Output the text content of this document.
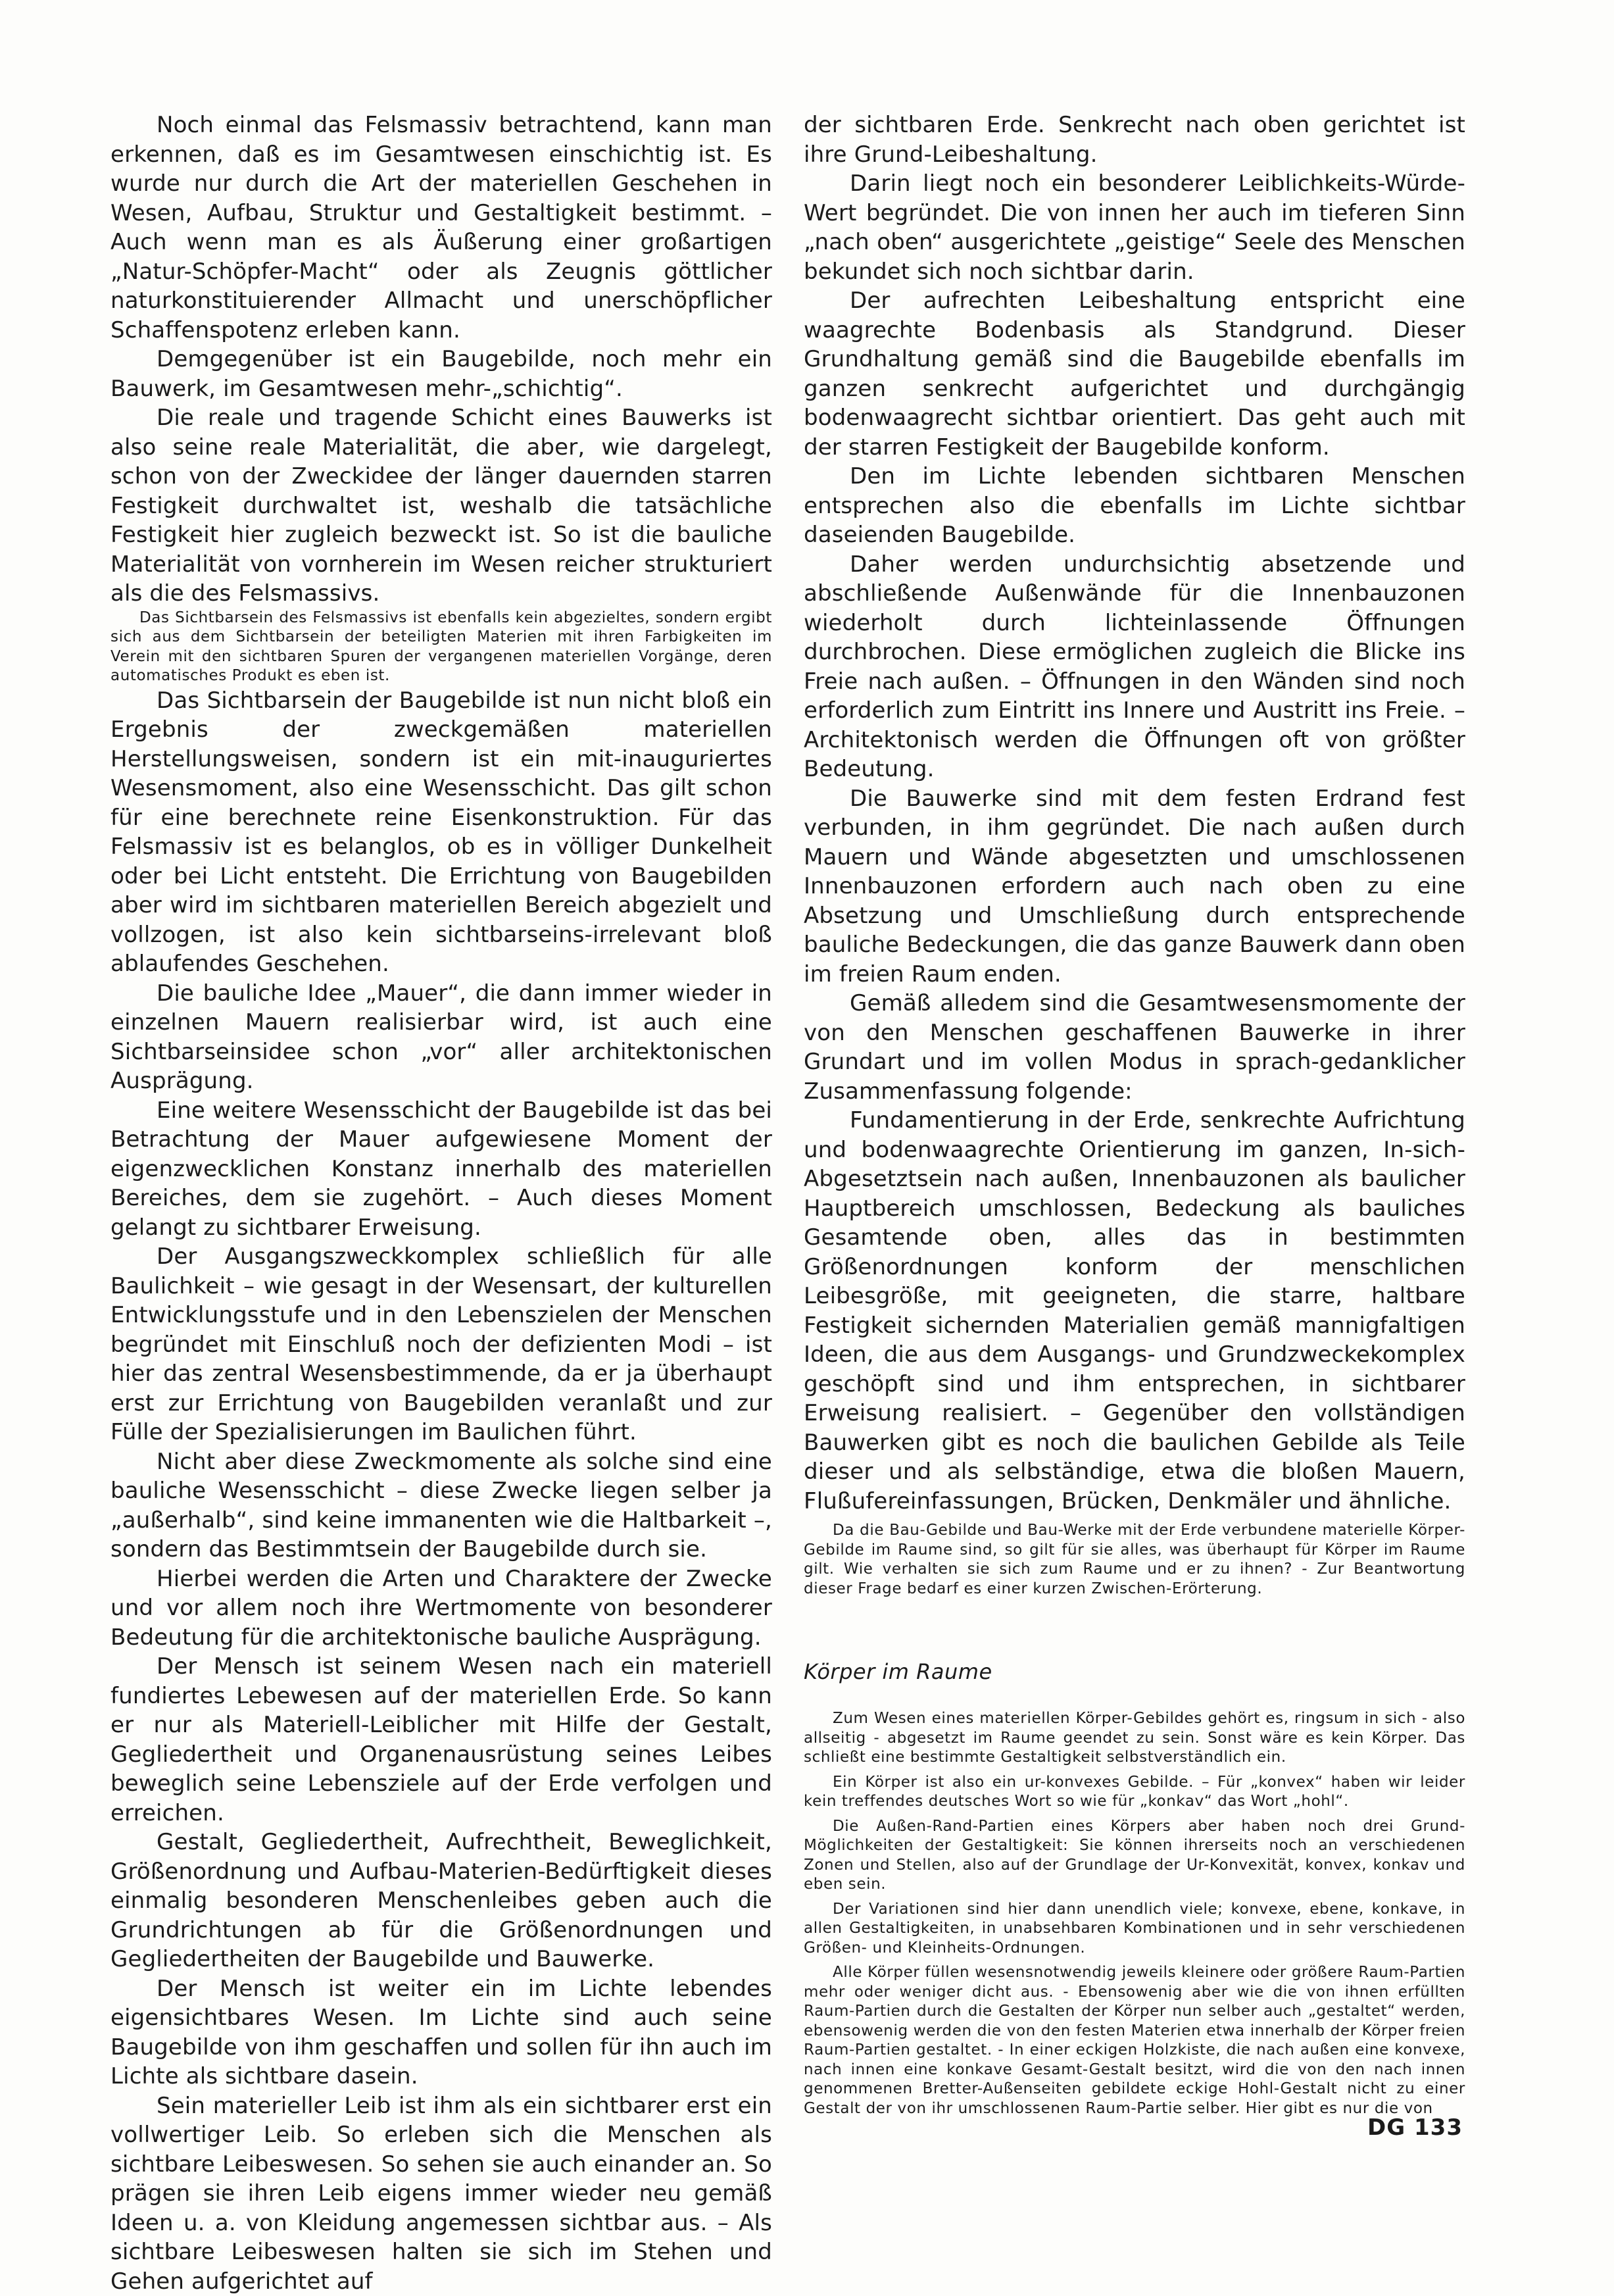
Noch einmal das Felsmassiv betrachtend, kann man erkennen, daß es im Gesamtwesen einschichtig ist. Es wurde nur durch die Art der materiellen Geschehen in Wesen, Aufbau, Struktur und Gestaltigkeit bestimmt. – Auch wenn man es als Äußerung einer großartigen „Natur-Schöpfer-Macht“ oder als Zeugnis göttlicher naturkonstituierender Allmacht und unerschöpflicher Schaffenspotenz erleben kann.

Demgegenüber ist ein Baugebilde, noch mehr ein Bauwerk, im Gesamtwesen mehr-„schichtig“.

Die reale und tragende Schicht eines Bauwerks ist also seine reale Materialität, die aber, wie dargelegt, schon von der Zweckidee der länger dauernden starren Festigkeit durchwaltet ist, weshalb die tatsächliche Festigkeit hier zugleich bezweckt ist. So ist die bauliche Materialität von vornherein im Wesen reicher strukturiert als die des Felsmassivs.

Das Sichtbarsein des Felsmassivs ist ebenfalls kein abgezieltes, sondern ergibt sich aus dem Sichtbarsein der beteiligten Materien mit ihren Farbigkeiten im Verein mit den sichtbaren Spuren der vergangenen materiellen Vorgänge, deren automatisches Produkt es eben ist.

Das Sichtbarsein der Baugebilde ist nun nicht bloß ein Ergebnis der zweckgemäßen materiellen Herstellungsweisen, sondern ist ein mit-inauguriertes Wesensmoment, also eine Wesensschicht. Das gilt schon für eine berechnete reine Eisenkonstruktion. Für das Felsmassiv ist es belanglos, ob es in völliger Dunkelheit oder bei Licht entsteht. Die Errichtung von Baugebilden aber wird im sichtbaren materiellen Bereich abgezielt und vollzogen, ist also kein sichtbarseins-irrelevant bloß ablaufendes Geschehen.

Die bauliche Idee „Mauer“, die dann immer wieder in einzelnen Mauern realisierbar wird, ist auch eine Sichtbarseinsidee schon „vor“ aller architektonischen Ausprägung.

Eine weitere Wesensschicht der Baugebilde ist das bei Betrachtung der Mauer aufgewiesene Moment der eigenzwecklichen Konstanz innerhalb des materiellen Bereiches, dem sie zugehört. – Auch dieses Moment gelangt zu sichtbarer Erweisung.

Der Ausgangszweckkomplex schließlich für alle Baulichkeit – wie gesagt in der Wesensart, der kulturellen Entwicklungsstufe und in den Lebenszielen der Menschen begründet mit Einschluß noch der defizienten Modi – ist hier das zentral Wesensbestimmende, da er ja überhaupt erst zur Errichtung von Baugebilden veranlaßt und zur Fülle der Spezialisierungen im Baulichen führt.

Nicht aber diese Zweckmomente als solche sind eine bauliche Wesensschicht – diese Zwecke liegen selber ja „außerhalb“, sind keine immanenten wie die Haltbarkeit –, sondern das Bestimmtsein der Baugebilde durch sie.

Hierbei werden die Arten und Charaktere der Zwecke und vor allem noch ihre Wertmomente von besonderer Bedeutung für die architektonische bauliche Ausprägung.

Der Mensch ist seinem Wesen nach ein materiell fundiertes Lebewesen auf der materiellen Erde. So kann er nur als Materiell-Leiblicher mit Hilfe der Gestalt, Gegliedertheit und Organenausrüstung seines Leibes beweglich seine Lebensziele auf der Erde verfolgen und erreichen.

Gestalt, Gegliedertheit, Aufrechtheit, Beweglichkeit, Größenordnung und Aufbau-Materien-Bedürftigkeit dieses einmalig besonderen Menschenleibes geben auch die Grundrichtungen ab für die Größenordnungen und Gegliedertheiten der Baugebilde und Bauwerke.

Der Mensch ist weiter ein im Lichte lebendes eigensichtbares Wesen. Im Lichte sind auch seine Baugebilde von ihm geschaffen und sollen für ihn auch im Lichte als sichtbare dasein.

Sein materieller Leib ist ihm als ein sichtbarer erst ein vollwertiger Leib. So erleben sich die Menschen als sichtbare Leibeswesen. So sehen sie auch einander an. So prägen sie ihren Leib eigens immer wieder neu gemäß Ideen u. a. von Kleidung angemessen sichtbar aus. – Als sichtbare Leibeswesen halten sie sich im Stehen und Gehen aufgerichtet auf

der sichtbaren Erde. Senkrecht nach oben gerichtet ist ihre Grund-Leibeshaltung.

Darin liegt noch ein besonderer Leiblichkeits-Würde-Wert begründet. Die von innen her auch im tieferen Sinn „nach oben“ ausgerichtete „geistige“ Seele des Menschen bekundet sich noch sichtbar darin.

Der aufrechten Leibeshaltung entspricht eine waagrechte Bodenbasis als Standgrund. Dieser Grundhaltung gemäß sind die Baugebilde ebenfalls im ganzen senkrecht aufgerichtet und durchgängig bodenwaagrecht sichtbar orientiert. Das geht auch mit der starren Festigkeit der Baugebilde konform.

Den im Lichte lebenden sichtbaren Menschen entsprechen also die ebenfalls im Lichte sichtbar daseienden Baugebilde.

Daher werden undurchsichtig absetzende und abschließende Außenwände für die Innenbauzonen wiederholt durch lichteinlassende Öffnungen durchbrochen. Diese ermöglichen zugleich die Blicke ins Freie nach außen. – Öffnungen in den Wänden sind noch erforderlich zum Eintritt ins Innere und Austritt ins Freie. – Architektonisch werden die Öffnungen oft von größter Bedeutung.

Die Bauwerke sind mit dem festen Erdrand fest verbunden, in ihm gegründet. Die nach außen durch Mauern und Wände abgesetzten und umschlossenen Innenbauzonen erfordern auch nach oben zu eine Absetzung und Umschließung durch entsprechende bauliche Bedeckungen, die das ganze Bauwerk dann oben im freien Raum enden.

Gemäß alledem sind die Gesamtwesensmomente der von den Menschen geschaffenen Bauwerke in ihrer Grundart und im vollen Modus in sprach-gedanklicher Zusammenfassung folgende:

Fundamentierung in der Erde, senkrechte Aufrichtung und bodenwaagrechte Orientierung im ganzen, In-sich-Abgesetztsein nach außen, Innenbauzonen als baulicher Hauptbereich umschlossen, Bedeckung als bauliches Gesamtende oben, alles das in bestimmten Größenordnungen konform der menschlichen Leibesgröße, mit geeigneten, die starre, haltbare Festigkeit sichernden Materialien gemäß mannigfaltigen Ideen, die aus dem Ausgangs- und Grundzweckekomplex geschöpft sind und ihm entsprechen, in sichtbarer Erweisung realisiert. – Gegenüber den vollständigen Bauwerken gibt es noch die baulichen Gebilde als Teile dieser und als selbständige, etwa die bloßen Mauern, Flußufereinfassungen, Brücken, Denkmäler und ähnliche.

Da die Bau-Gebilde und Bau-Werke mit der Erde verbundene materielle Körper-Gebilde im Raume sind, so gilt für sie alles, was überhaupt für Körper im Raume gilt. Wie verhalten sie sich zum Raume und er zu ihnen? - Zur Beantwortung dieser Frage bedarf es einer kurzen Zwischen-Erörterung.

Körper im Raume

Zum Wesen eines materiellen Körper-Gebildes gehört es, ringsum in sich - also allseitig - abgesetzt im Raume geendet zu sein. Sonst wäre es kein Körper. Das schließt eine bestimmte Gestaltigkeit selbstverständlich ein.

Ein Körper ist also ein ur-konvexes Gebilde. – Für „konvex“ haben wir leider kein treffendes deutsches Wort so wie für „konkav“ das Wort „hohl“.

Die Außen-Rand-Partien eines Körpers aber haben noch drei Grund-Möglichkeiten der Gestaltigkeit: Sie können ihrerseits noch an verschiedenen Zonen und Stellen, also auf der Grundlage der Ur-Konvexität, konvex, konkav und eben sein.

Der Variationen sind hier dann unendlich viele; konvexe, ebene, konkave, in allen Gestaltigkeiten, in unabsehbaren Kombinationen und in sehr verschiedenen Größen- und Kleinheits-Ordnungen.

Alle Körper füllen wesensnotwendig jeweils kleinere oder größere Raum-Partien mehr oder weniger dicht aus. - Ebensowenig aber wie die von ihnen erfüllten Raum-Partien durch die Gestalten der Körper nun selber auch „gestaltet“ werden, ebensowenig werden die von den festen Materien etwa innerhalb der Körper freien Raum-Partien gestaltet. - In einer eckigen Holzkiste, die nach außen eine konvexe, nach innen eine konkave Gesamt-Gestalt besitzt, wird die von den nach innen genommenen Bretter-Außenseiten gebildete eckige Hohl-Gestalt nicht zu einer Gestalt der von ihr umschlossenen Raum-Partie selber. Hier gibt es nur die von

DG 133
